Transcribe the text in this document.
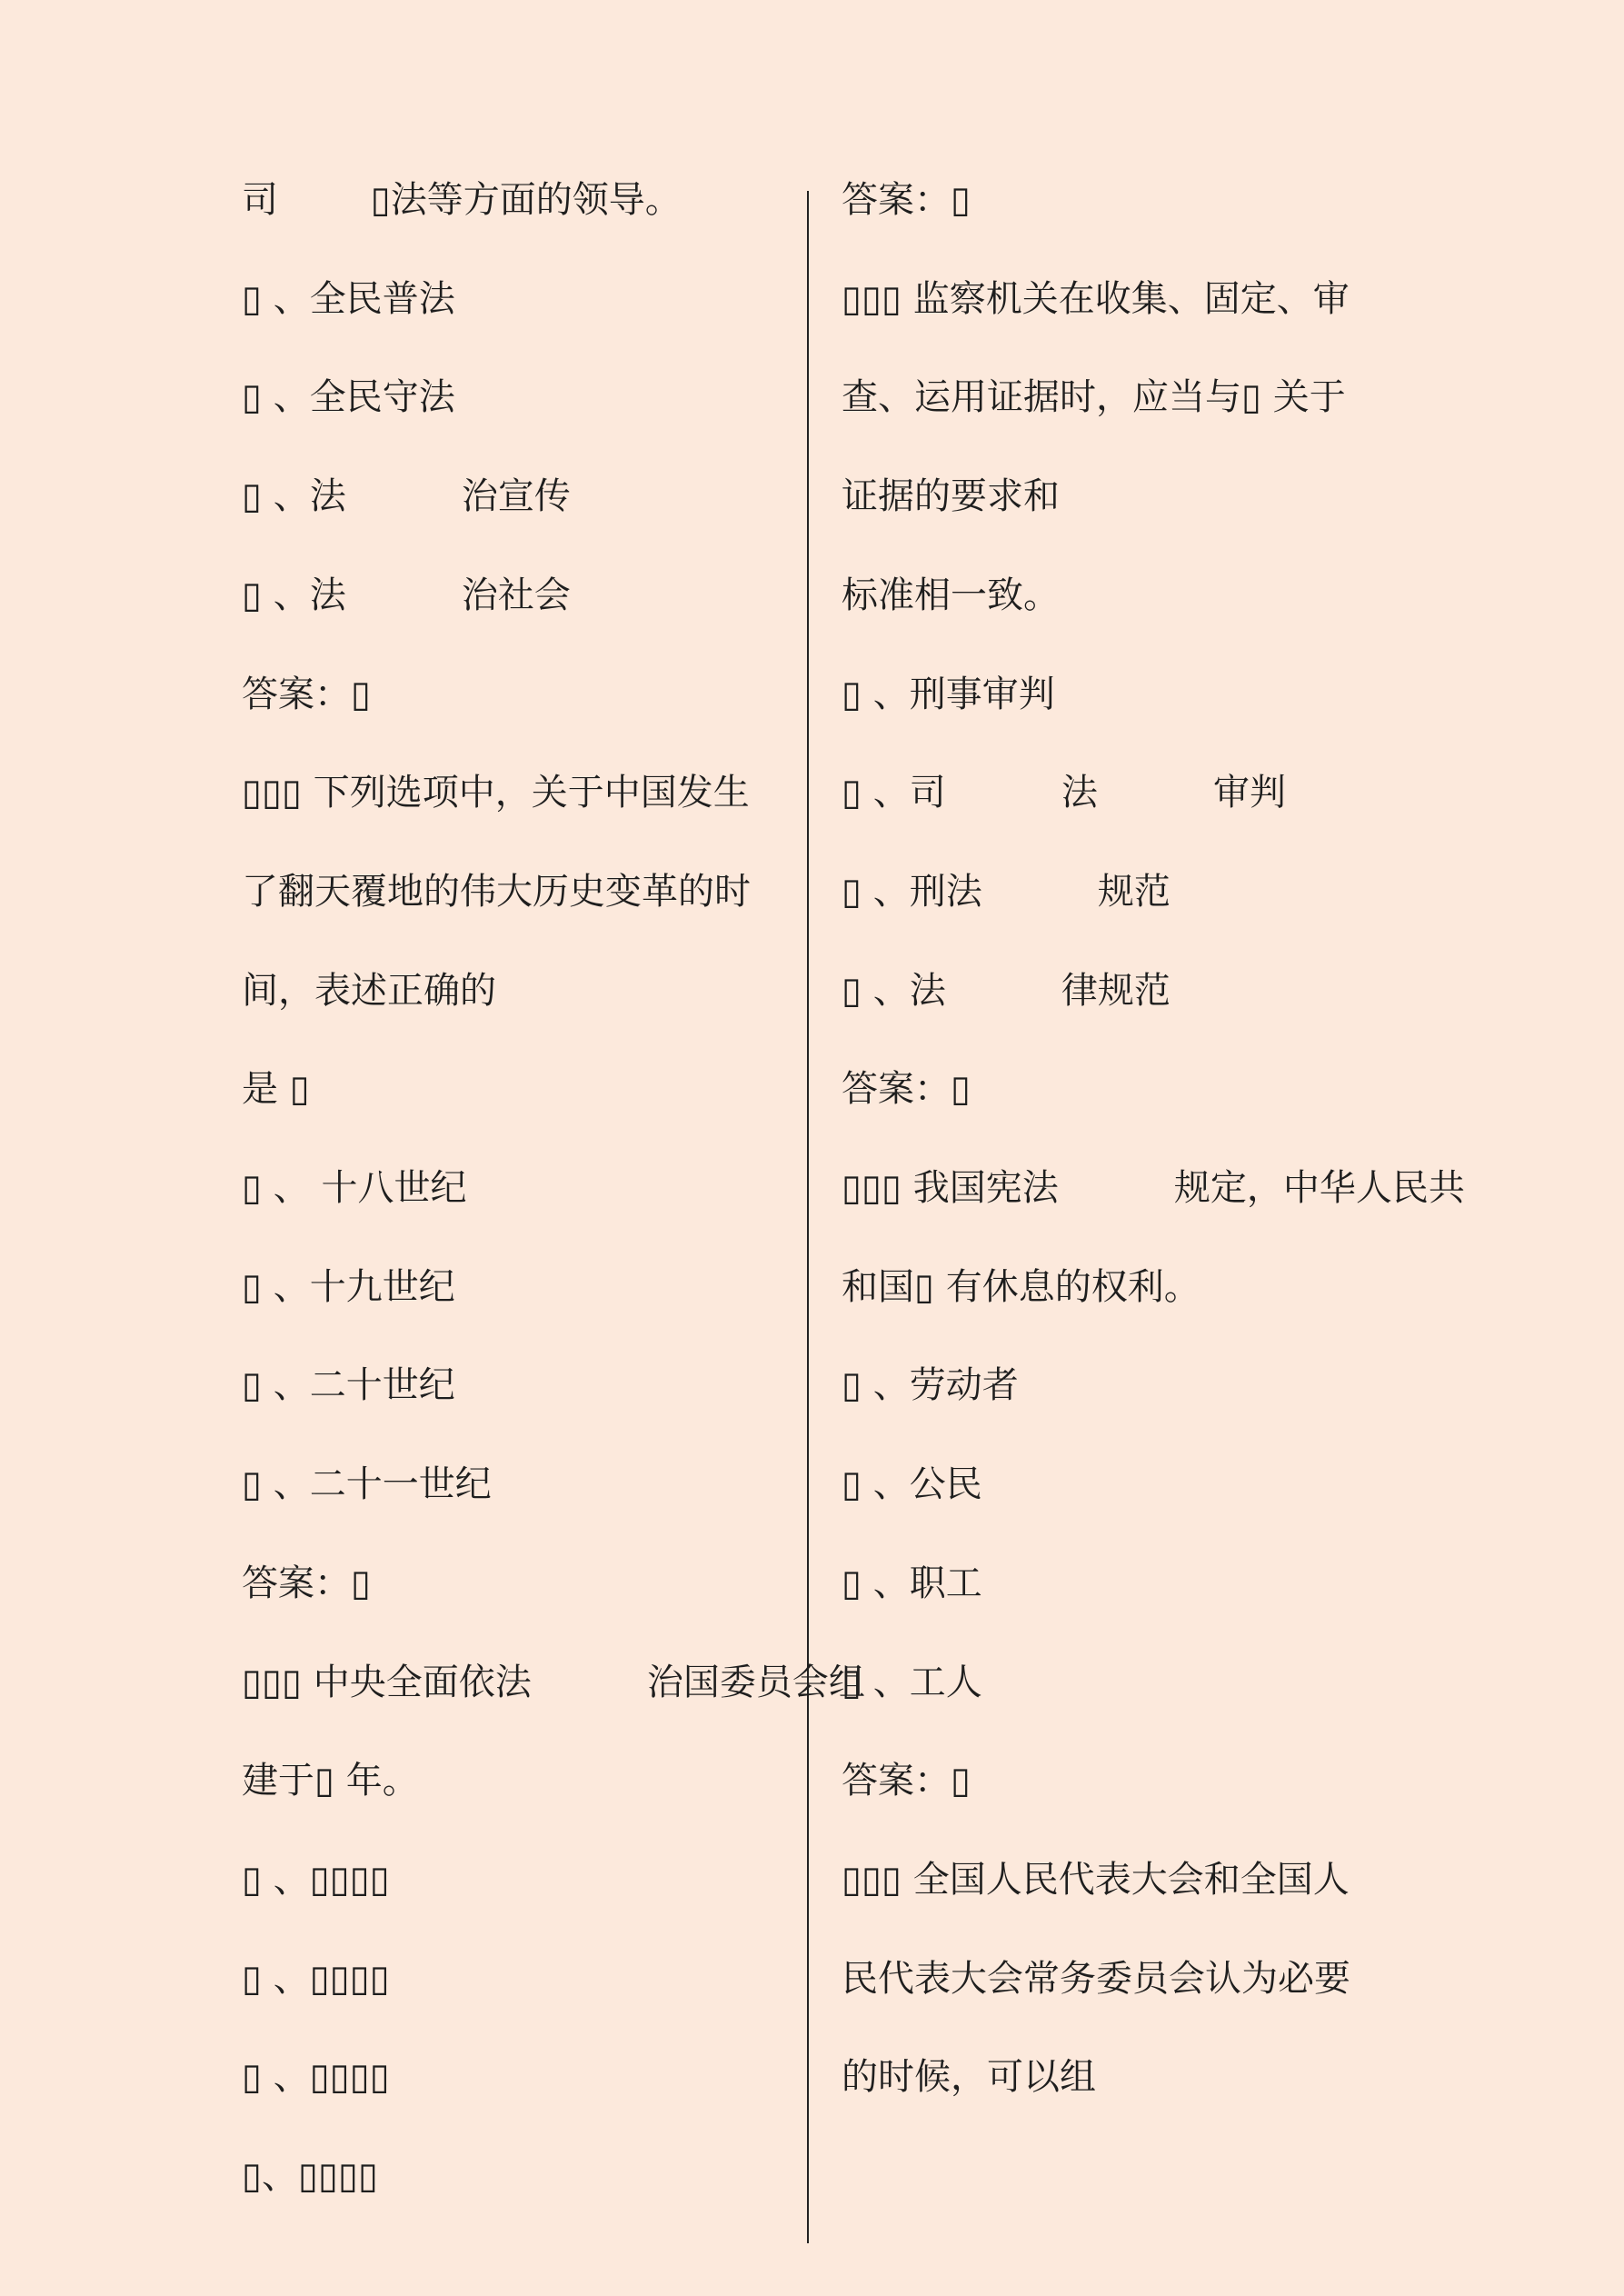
司        ▯法等方面的领导。
▯ 、全民普法
▯ 、全民守法
▯ 、法          治宣传
▯ 、法          治社会
答案：▯
▯▯▯ 下列选项中，关于中国发生
了翻天覆地的伟大历史变革的时
间，表述正确的
是 ▯
▯ 、 十八世纪
▯ 、十九世纪
▯ 、二十世纪
▯ 、二十一世纪
答案：▯
▯▯▯ 中央全面依法          治国委员会组
建于▯ 年。
▯ 、▯▯▯▯
▯ 、▯▯▯▯
▯ 、▯▯▯▯
▯、▯▯▯▯
答案：▯
▯▯▯ 监察机关在收集、固定、审
查、运用证据时，应当与▯ 关于
证据的要求和
标准相一致。
▯ 、刑事审判
▯ 、司          法          审判
▯ 、刑法          规范
▯ 、法          律规范
答案：▯
▯▯▯ 我国宪法          规定，中华人民共
和国▯ 有休息的权利。
▯ 、劳动者
▯ 、公民
▯ 、职工
▯ 、工人
答案：▯
▯▯▯ 全国人民代表大会和全国人
民代表大会常务委员会认为必要
的时候，可以组
